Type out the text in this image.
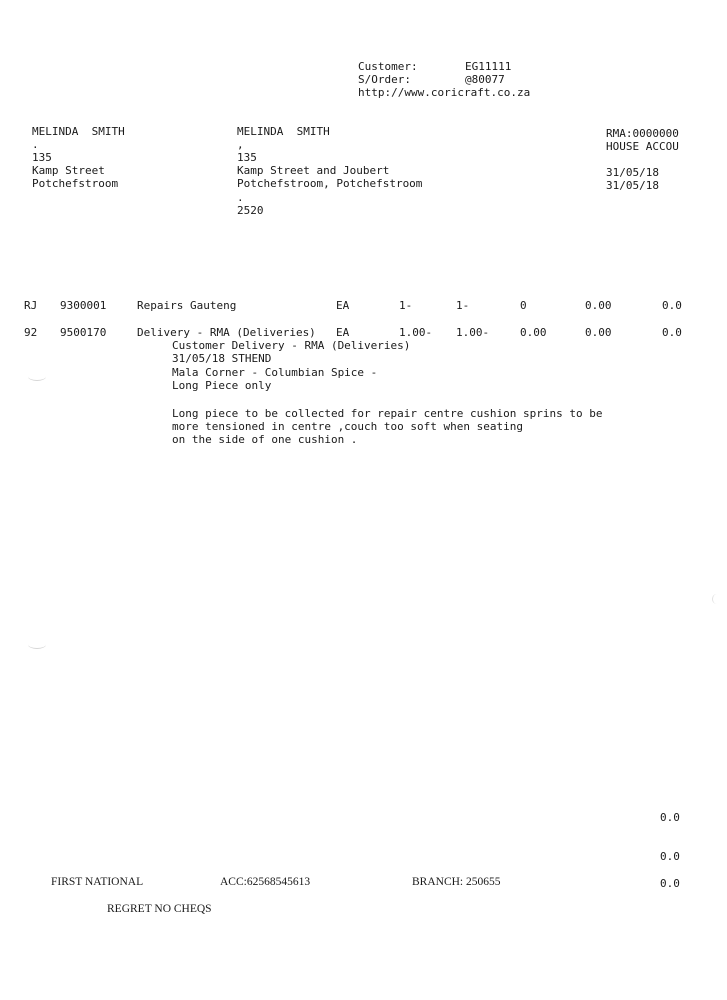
Customer:	EG11111
S/Order:	@80077
http://www.coricraft.co.za
MELINDA  SMITH
.
135
Kamp Street
Potchefstroom
MELINDA  SMITH
,
135
Kamp Street and Joubert
Potchefstroom, Potchefstroom
.
2520
RMA:0000000
HOUSE ACCOU
31/05/18
31/05/18
RJ 9300001	Repairs Gauteng	EA	1-	1-	0	0.00	0.0
92 9500170	Delivery - RMA (Deliveries) EA	1.00- 1.00-	0.00	0.00	0.0
Customer Delivery - RMA (Deliveries)
31/05/18 STHEND
Mala Corner - Columbian Spice -
Long Piece only
Long piece to be collected for repair centre cushion sprins to be
more tensioned in centre ,couch too soft when seating
on the side of one cushion .
0.0
0.0
0.0
FIRST NATIONAL	ACC:62568545613	BRANCH: 250655
REGRET NO CHEQS
